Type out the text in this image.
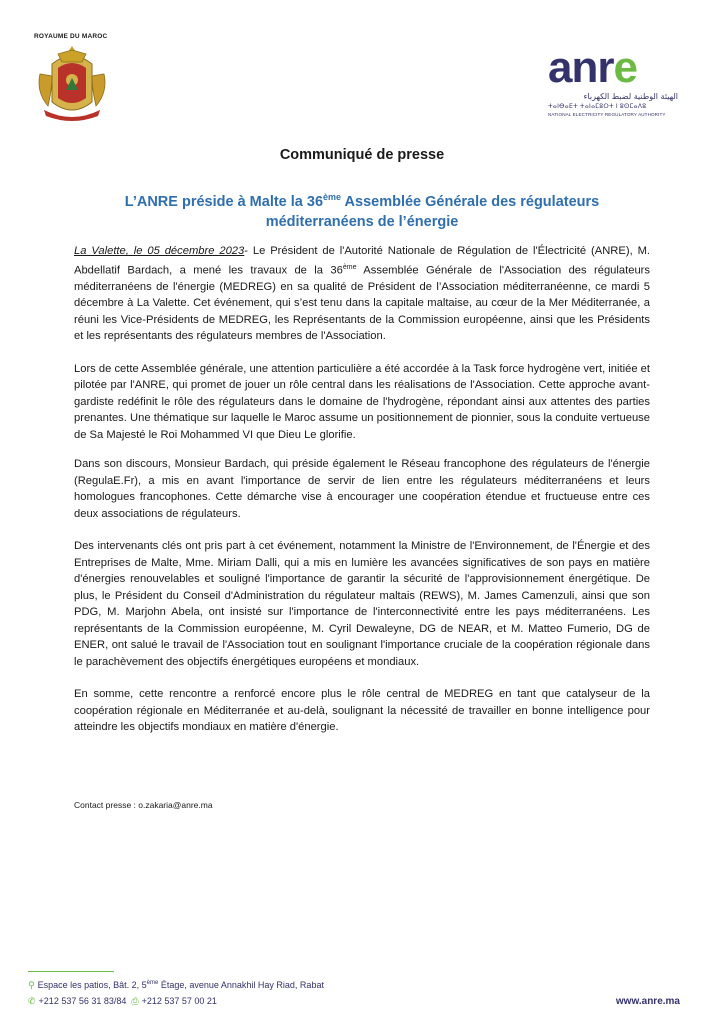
ROYAUME DU MAROC
anre
الهيئة الوطنية لضبط الكهرباء
ⵜⴰⵏⴱⴰⴹⵜ ⵜⴰⵏⴰⵎⵓⵔⵜ ⵏ ⵓⵙⵎⴰⴷⵓ
NATIONAL ELECTRICITY REGULATORY AUTHORITY
Communiqué de presse
L’ANRE préside à Malte la 36ème Assemblée Générale des régulateurs méditerranéens de l’énergie

La Valette, le 05 décembre 2023- Le Président de l'Autorité Nationale de Régulation de l'Électricité (ANRE), M. Abdellatif Bardach, a mené les travaux de la 36ème Assemblée Générale de l'Association des régulateurs méditerranéens de l'énergie (MEDREG) en sa qualité de Président de l’Association méditerranéenne, ce mardi 5 décembre à La Valette. Cet événement, qui s’est tenu dans la capitale maltaise, au cœur de la Mer Méditerranée, a réuni les Vice-Présidents de MEDREG, les Représentants de la Commission européenne, ainsi que les Présidents et les représentants des régulateurs membres de l'Association.

Lors de cette Assemblée générale, une attention particulière a été accordée à la Task force hydrogène vert, initiée et pilotée par l'ANRE, qui promet de jouer un rôle central dans les réalisations de l'Association. Cette approche avant-gardiste redéfinit le rôle des régulateurs dans le domaine de l'hydrogène, répondant ainsi aux attentes des parties prenantes. Une thématique sur laquelle le Maroc assume un positionnement de pionnier, sous la conduite vertueuse de Sa Majesté le Roi Mohammed VI que Dieu Le glorifie.

Dans son discours, Monsieur Bardach, qui préside également le Réseau francophone des régulateurs de l'énergie (RegulaE.Fr), a mis en avant l'importance de servir de lien entre les régulateurs méditerranéens et leurs homologues francophones. Cette démarche vise à encourager une coopération étendue et fructueuse entre ces deux associations de régulateurs.

Des intervenants clés ont pris part à cet événement, notamment la Ministre de l'Environnement, de l'Énergie et des Entreprises de Malte, Mme. Miriam Dalli, qui a mis en lumière les avancées significatives de son pays en matière d'énergies renouvelables et souligné l'importance de garantir la sécurité de l'approvisionnement énergétique. De plus, le Président du Conseil d'Administration du régulateur maltais (REWS), M. James Camenzuli, ainsi que son PDG, M. Marjohn Abela, ont insisté sur l'importance de l'interconnectivité entre les pays méditerranéens. Les représentants de la Commission européenne, M. Cyril Dewaleyne, DG de NEAR, et M. Matteo Fumerio, DG de ENER, ont salué le travail de l'Association tout en soulignant l'importance cruciale de la coopération régionale dans le parachèvement des objectifs énergétiques européens et mondiaux.

En somme, cette rencontre a renforcé encore plus le rôle central de MEDREG en tant que catalyseur de la coopération régionale en Méditerranée et au-delà, soulignant la nécessité de travailler en bonne intelligence pour atteindre les objectifs mondiaux en matière d'énergie.

Contact presse : o.zakaria@anre.ma
⚲ Espace les patios, Bât. 2, 5ème Étage, avenue Annakhil Hay Riad, Rabat
✆ +212 537 56 31 83/84 ⎙ +212 537 57 00 21	www.anre.ma
